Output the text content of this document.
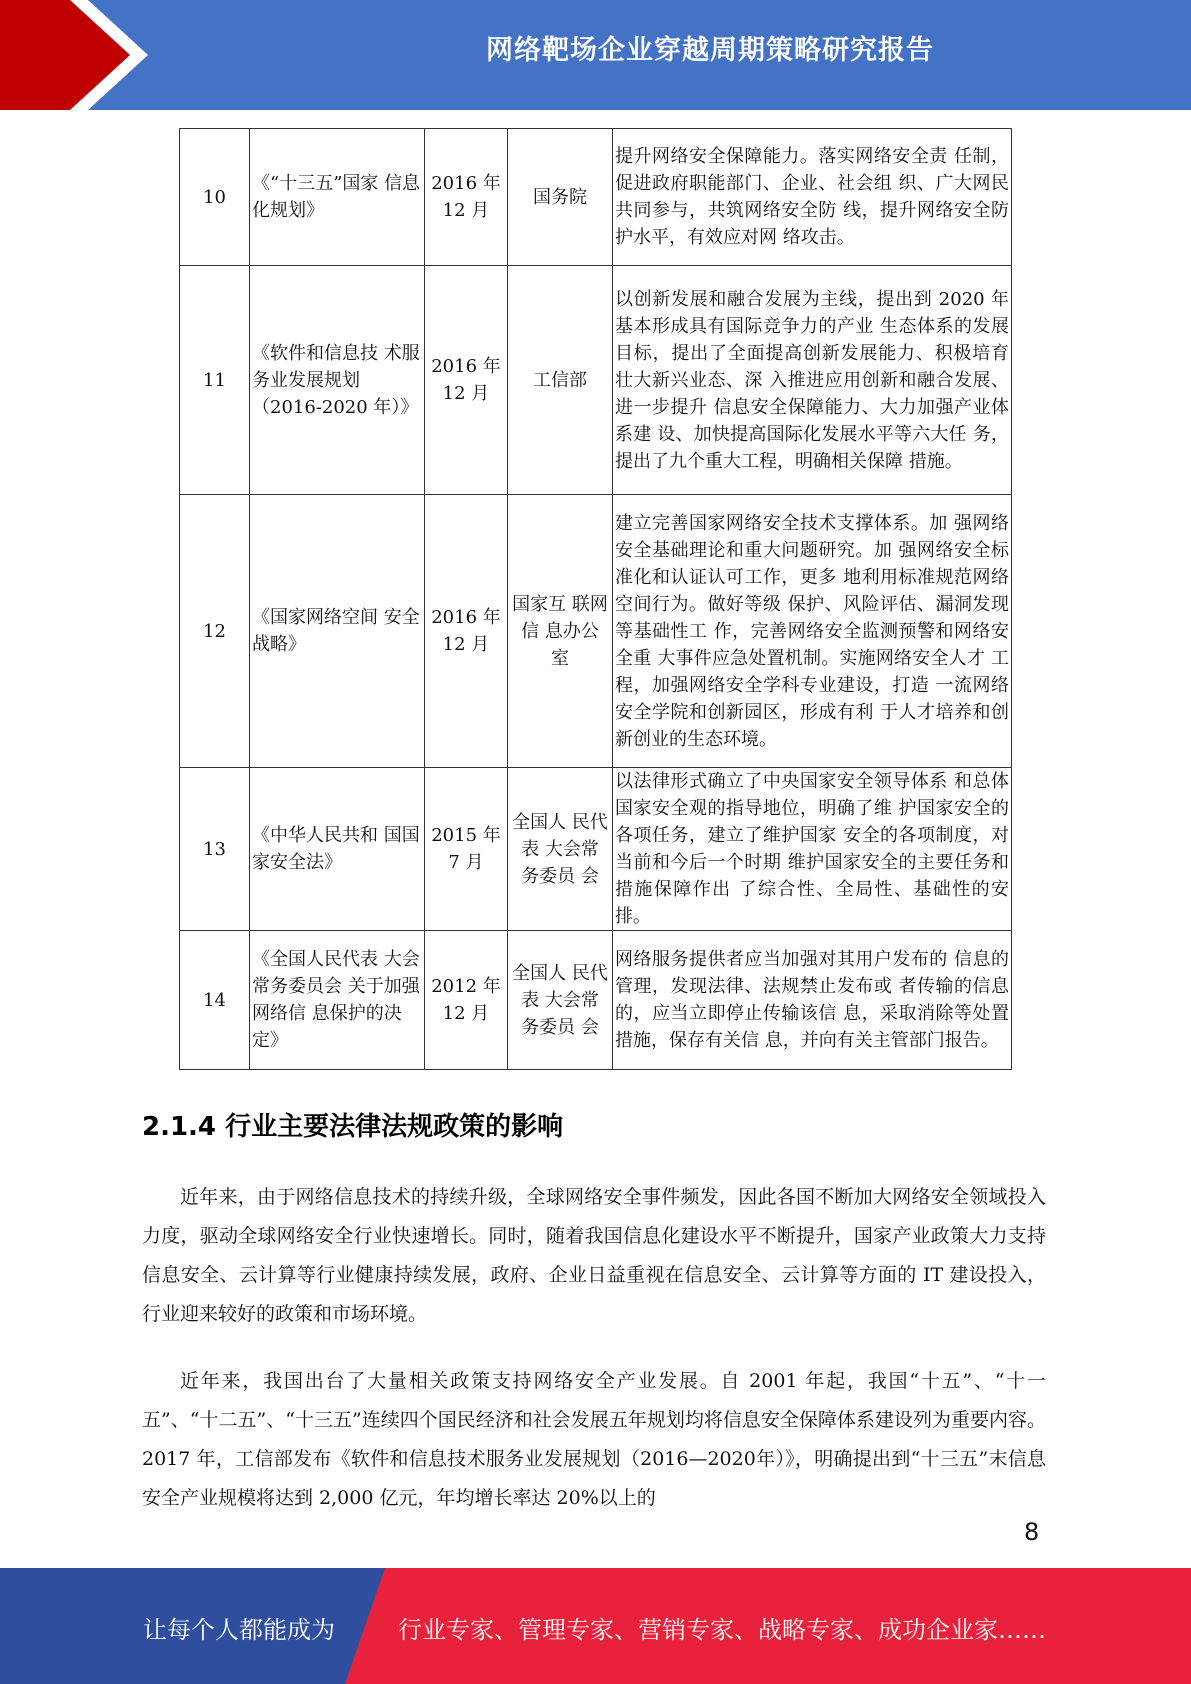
网络靶场企业穿越周期策略研究报告
10	《“十三五”国家 信息化规划》	2016 年 12 月	国务院	提升网络安全保障能力。落实网络安全责 任制，促进政府职能部门、企业、社会组 织、广大网民共同参与，共筑网络安全防 线，提升网络安全防护水平，有效应对网 络攻击。
11	《软件和信息技 术服务业发展规划（2016-2020 年）》	2016 年 12 月	工信部	以创新发展和融合发展为主线，提出到 2020 年基本形成具有国际竞争力的产业 生态体系的发展目标，提出了全面提高创新发展能力、积极培育壮大新兴业态、深 入推进应用创新和融合发展、进一步提升 信息安全保障能力、大力加强产业体系建 设、加快提高国际化发展水平等六大任 务，提出了九个重大工程，明确相关保障 措施。
12	《国家网络空间 安全战略》	2016 年 12 月	国家互 联网信 息办公 室	建立完善国家网络安全技术支撑体系。加 强网络安全基础理论和重大问题研究。加 强网络安全标准化和认证认可工作，更多 地利用标准规范网络空间行为。做好等级 保护、风险评估、漏洞发现等基础性工 作，完善网络安全监测预警和网络安全重 大事件应急处置机制。实施网络安全人才 工程，加强网络安全学科专业建设，打造 一流网络安全学院和创新园区，形成有利 于人才培养和创新创业的生态环境。
13	《中华人民共和 国国家安全法》	2015 年 7 月	全国人 民代表 大会常 务委员 会	以法律形式确立了中央国家安全领导体系 和总体国家安全观的指导地位，明确了维 护国家安全的各项任务，建立了维护国家 安全的各项制度，对当前和今后一个时期 维护国家安全的主要任务和措施保障作出 了综合性、全局性、基础性的安排。
14	《全国人民代表 大会常务委员会 关于加强网络信 息保护的决定》	2012 年 12 月	全国人 民代表 大会常 务委员 会	网络服务提供者应当加强对其用户发布的 信息的管理，发现法律、法规禁止发布或 者传输的信息的，应当立即停止传输该信 息，采取消除等处置措施，保存有关信 息，并向有关主管部门报告。
2.1.4 行业主要法律法规政策的影响

近年来，由于网络信息技术的持续升级，全球网络安全事件频发，因此各国不断加大网络安全领域投入力度，驱动全球网络安全行业快速增长。同时，随着我国信息化建设水平不断提升，国家产业政策大力支持信息安全、云计算等行业健康持续发展，政府、企业日益重视在信息安全、云计算等方面的 IT 建设投入，行业迎来较好的政策和市场环境。

近年来，我国出台了大量相关政策支持网络安全产业发展。自 2001 年起，我国“十五”、“十一五”、“十二五”、“十三五”连续四个国民经济和社会发展五年规划均将信息安全保障体系建设列为重要内容。2017 年，工信部发布《软件和信息技术服务业发展规划（2016—2020年）》，明确提出到“十三五”末信息安全产业规模将达到 2,000 亿元，年均增长率达 20%以上的

8
让每个人都能成为	行业专家、管理专家、营销专家、战略专家、成功企业家……
